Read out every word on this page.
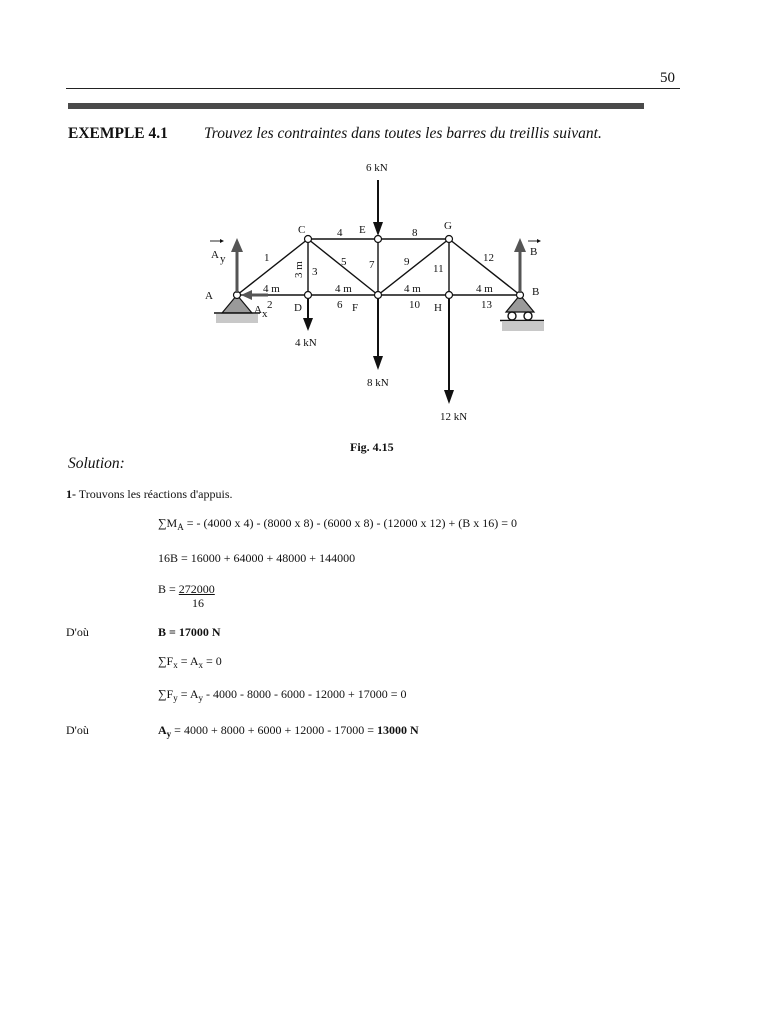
50
EXEMPLE 4.1 Trouvez les contraintes dans toutes les barres du treillis suivant.
6 kN
4 kN
8 kN
12 kN
A	B
C
D
E
F
G
H
1
2
3
4
5
6
7
8
9
10
11
12
13
4 m	4 m	4 m	4 m
3 m
A y
A x
B
Fig. 4.15
Solution:
1- Trouvons les réactions d'appuis.
$\sum M_A$ = - (4000 x 4) - (8000 x 8) - (6000 x 8) - (12000 x 12) + (B x 16) = 0
16B = 16000 + 64000 + 48000 + 144000
B = 272000
16
D'où	B = 17000 N
$\sum F_x = A_x = 0$
$\sum F_y = A_y - 4000 - 8000 - 6000 - 12000 + 17000 = 0$
D'où	$A_y = 4000 + 8000 + 6000 + 12000 - 17000 = 13000$ N
